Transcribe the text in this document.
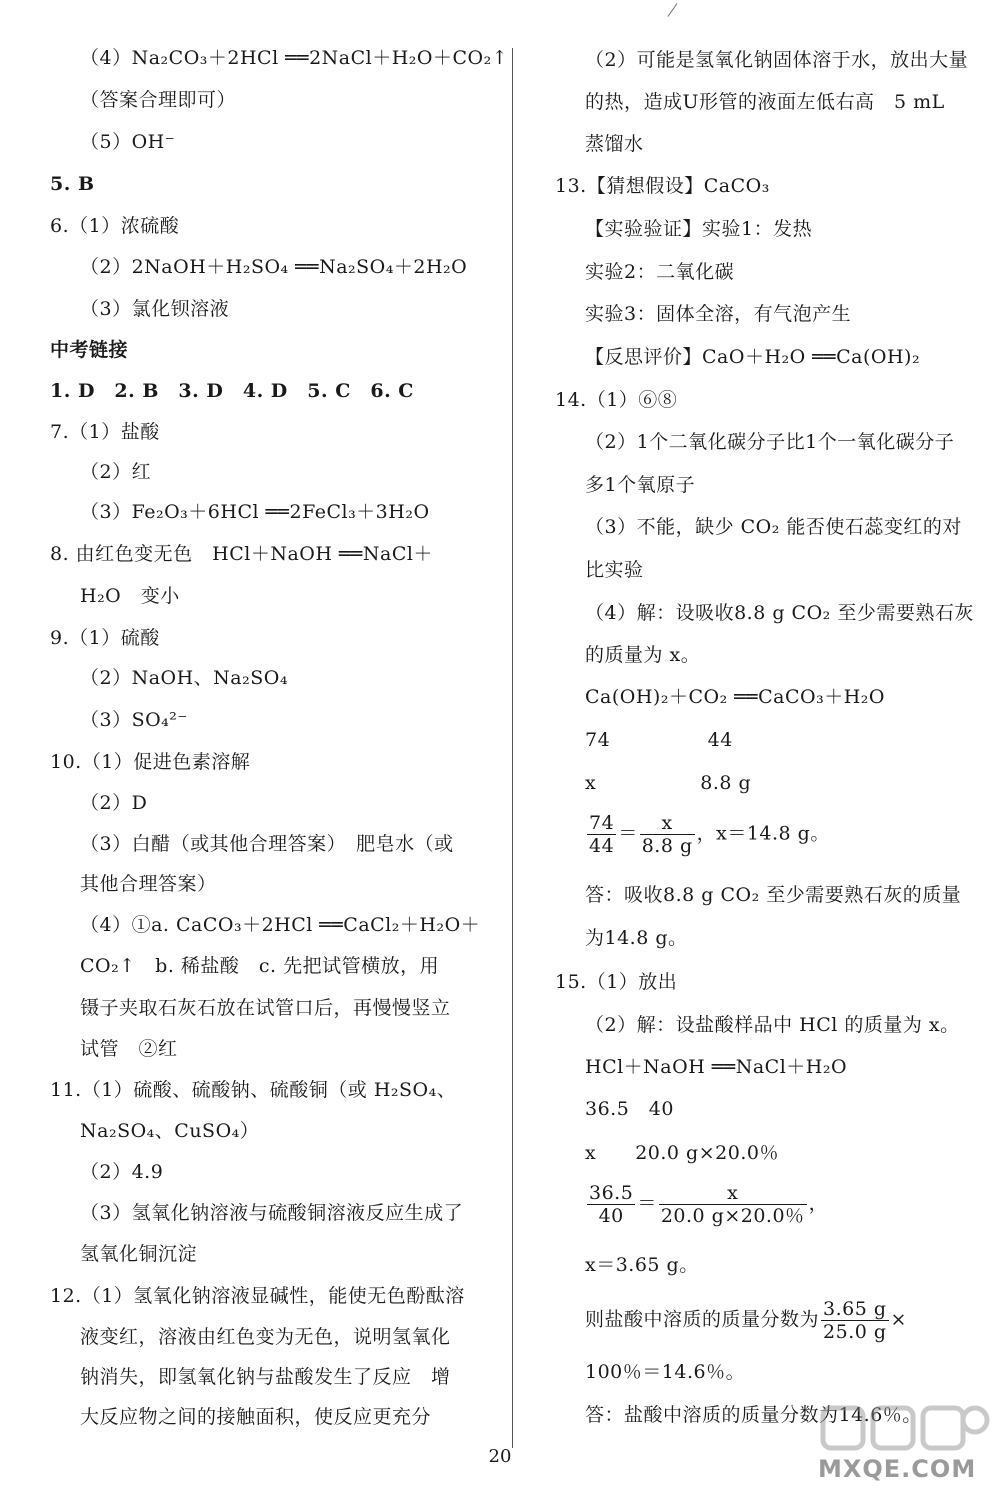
（4）Na₂CO₃＋2HCl ══2NaCl＋H₂O＋CO₂↑
（答案合理即可）
（5）OH⁻
5. B
6.（1）浓硫酸
（2）2NaOH＋H₂SO₄ ══Na₂SO₄＋2H₂O
（3）氯化钡溶液
中考链接
1. D　2. B　3. D　4. D　5. C　6. C
7.（1）盐酸
（2）红
（3）Fe₂O₃＋6HCl ══2FeCl₃＋3H₂O
8. 由红色变无色　HCl＋NaOH ══NaCl＋
H₂O　变小
9.（1）硫酸
（2）NaOH、Na₂SO₄
（3）SO₄²⁻
10.（1）促进色素溶解
（2）D
（3）白醋（或其他合理答案）　肥皂水（或
其他合理答案）
（4）①a. CaCO₃＋2HCl ══CaCl₂＋H₂O＋
CO₂↑　b. 稀盐酸　c. 先把试管横放，用
镊子夹取石灰石放在试管口后，再慢慢竖立
试管　②红
11.（1）硫酸、硫酸钠、硫酸铜（或 H₂SO₄、
Na₂SO₄、CuSO₄）
（2）4.9
（3）氢氧化钠溶液与硫酸铜溶液反应生成了
氢氧化铜沉淀
12.（1）氢氧化钠溶液显碱性，能使无色酚酞溶
液变红，溶液由红色变为无色，说明氢氧化
钠消失，即氢氧化钠与盐酸发生了反应　增
大反应物之间的接触面积，使反应更充分
（2）可能是氢氧化钠固体溶于水，放出大量
的热，造成U形管的液面左低右高　5 mL
蒸馏水
13.【猜想假设】CaCO₃
【实验验证】实验1：发热
实验2：二氧化碳
实验3：固体全溶，有气泡产生
【反思评价】CaO＋H₂O ══Ca(OH)₂
14.（1）⑥⑧
（2）1个二氧化碳分子比1个一氧化碳分子
多1个氧原子
（3）不能，缺少 CO₂ 能否使石蕊变红的对
比实验
（4）解：设吸收8.8 g CO₂ 至少需要熟石灰
的质量为 x。
Ca(OH)₂＋CO₂ ══CaCO₃＋H₂O
74　　　　　44
x　　　　　 8.8 g
$\frac{74}{44} = \frac{x}{8.8 g}$ ，x＝14.8 g。
答：吸收8.8 g CO₂ 至少需要熟石灰的质量
为14.8 g。
15.（1）放出
（2）解：设盐酸样品中 HCl 的质量为 x。
HCl＋NaOH ══NaCl＋H₂O
36.5　40
x　　20.0 g×20.0％
$\frac{36.5}{40} = \frac{x}{20.0 g\times 20.0\%}$ ，
x＝3.65 g。
则盐酸中溶质的质量分数为 $\frac{3.65 g}{25.0 g}$ ×
100％＝14.6％。
答：盐酸中溶质的质量分数为14.6％。
20	MXQE.COM
